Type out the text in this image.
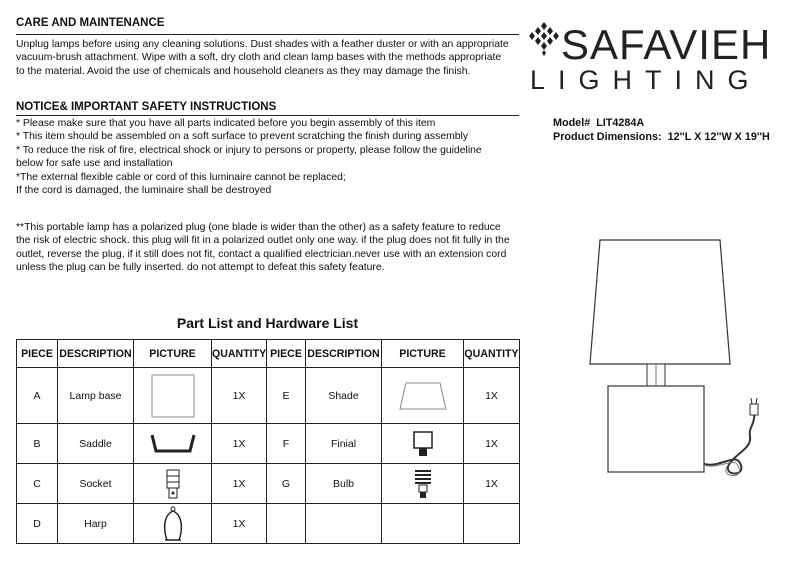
CARE AND MAINTENANCE
Unplug lamps before using any cleaning solutions. Dust shades with a feather duster or with an appropriate
vacuum-brush attachment. Wipe with a soft, dry cloth and clean lamp bases with the methods appropriate
to the material. Avoid the use of chemicals and household cleaners as they may damage the finish.
NOTICE& IMPORTANT SAFETY INSTRUCTIONS
* Please make sure that you have all parts indicated before you begin assembly of this item
* This item should be assembled on a soft surface to prevent scratching the finish during assembly
* To reduce the risk of fire, electrical shock or injury to persons or property, please follow the guideline
below for safe use and installation
*The external flexible cable or cord of this luminaire cannot be replaced;
If the cord is damaged, the luminaire shall be destroyed
**This portable lamp has a polarized plug (one blade is wider than the other) as a safety feature to reduce
the risk of electric shock. this plug will fit in a polarized outlet only one way. if the plug does not fit fully in the
outlet, reverse the plug, if it still does not fit, contact a qualified electrician.never use with an extension cord
unless the plug can be fully inserted. do not attempt to defeat this safety feature.
SAFAVIEH
LIGHTING
Model# LIT4284A
Product Dimensions: 12''L X 12''W X 19''H
Part List and Hardware List
PIECE	DESCRIPTION	PICTURE	QUANTITY	PIECE	DESCRIPTION	PICTURE	QUANTITY
A	Lamp base		1X	E	Shade		1X
B	Saddle		1X	F	Finial		1X
C	Socket		1X	G	Bulb		1X
D	Harp		1X				
